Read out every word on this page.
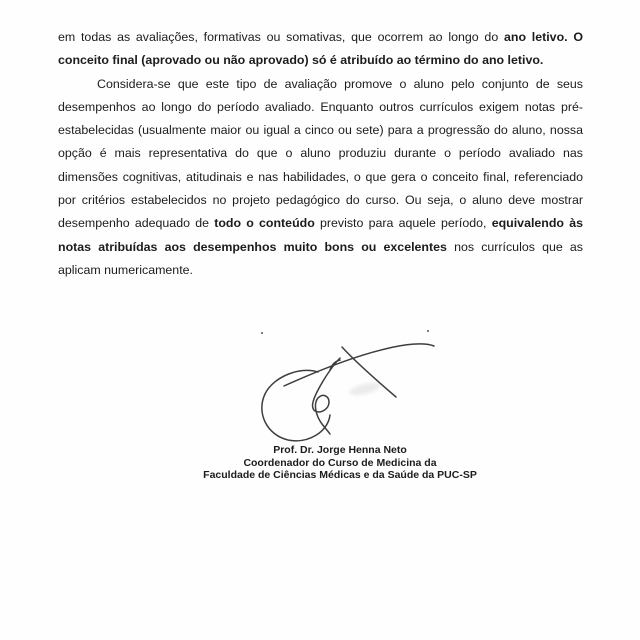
em todas as avaliações, formativas ou somativas, que ocorrem ao longo do ano letivo. O
conceito final (aprovado ou não aprovado) só é atribuído ao término do ano letivo.
Considera-se que este tipo de avaliação promove o aluno pelo conjunto de seus
desempenhos ao longo do período avaliado. Enquanto outros currículos exigem notas pré-
estabelecidas (usualmente maior ou igual a cinco ou sete) para a progressão do aluno, nossa
opção é mais representativa do que o aluno produziu durante o período avaliado nas
dimensões cognitivas, atitudinais e nas habilidades, o que gera o conceito final, referenciado
por critérios estabelecidos no projeto pedagógico do curso. Ou seja, o aluno deve mostrar
desempenho adequado de todo o conteúdo previsto para aquele período, equivalendo às
notas atribuídas aos desempenhos muito bons ou excelentes nos currículos que as
aplicam numericamente.
Prof. Dr. Jorge Henna Neto
Coordenador do Curso de Medicina da
Faculdade de Ciências Médicas e da Saúde da PUC-SP
